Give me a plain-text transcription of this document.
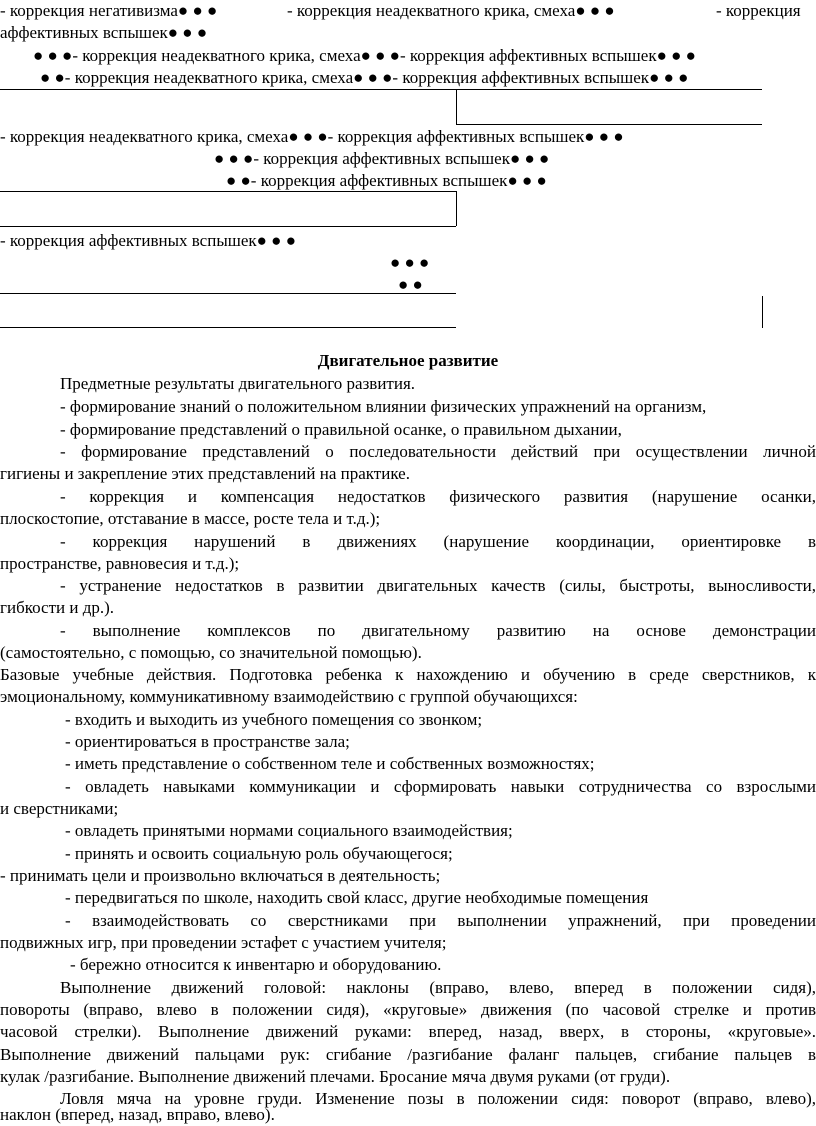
- коррекция негативизма● ● ●	- коррекция неадекватного крика, смеха● ● ●	- коррекция
аффективных вспышек● ● ●
● ● ●- коррекция неадекватного крика, смеха● ● ●- коррекция аффективных вспышек● ● ●
● ●- коррекция неадекватного крика, смеха● ● ●- коррекция аффективных вспышек● ● ●
- коррекция неадекватного крика, смеха● ● ●- коррекция аффективных вспышек● ● ●
● ● ●- коррекция аффективных вспышек● ● ●
● ●- коррекция аффективных вспышек● ● ●
- коррекция аффективных вспышек● ● ●
● ● ●
● ●
Двигательное развитие
Предметные результаты двигательного развития.
- формирование знаний о положительном влиянии физических упражнений на организм,
- формирование представлений о правильной осанке, о правильном дыхании,
- формирование представлений о последовательности действий при осуществлении личной
гигиены и закрепление этих представлений на практике.
- коррекция и компенсация недостатков физического развития (нарушение осанки,
плоскостопие, отставание в массе, росте тела и т.д.);
- коррекция нарушений в движениях (нарушение координации, ориентировке в
пространстве, равновесия и т.д.);
- устранение недостатков в развитии двигательных качеств (силы, быстроты, выносливости,
гибкости и др.).
- выполнение комплексов по двигательному развитию на основе демонстрации
(самостоятельно, с помощью, со значительной помощью).
Базовые учебные действия. Подготовка ребенка к нахождению и обучению в среде сверстников, к
эмоциональному, коммуникативному взаимодействию с группой обучающихся:
- входить и выходить из учебного помещения со звонком;
- ориентироваться в пространстве зала;
- иметь представление о собственном теле и собственных возможностях;
- овладеть навыками коммуникации и сформировать навыки сотрудничества со взрослыми
и сверстниками;
- овладеть принятыми нормами социального взаимодействия;
- принять и освоить социальную роль обучающегося;
- принимать цели и произвольно включаться в деятельность;
- передвигаться по школе, находить свой класс, другие необходимые помещения
- взаимодействовать со сверстниками при выполнении упражнений, при проведении
подвижных игр, при проведении эстафет с участием учителя;
- бережно относится к инвентарю и оборудованию.
Выполнение движений головой: наклоны (вправо, влево, вперед в положении сидя),
повороты (вправо, влево в положении сидя), «круговые» движения (по часовой стрелке и против
часовой стрелки). Выполнение движений руками: вперед, назад, вверх, в стороны, «круговые».
Выполнение движений пальцами рук: сгибание /разгибание фаланг пальцев, сгибание пальцев в
кулак /разгибание. Выполнение движений плечами. Бросание мяча двумя руками (от груди).
Ловля мяча на уровне груди. Изменение позы в положении сидя: поворот (вправо, влево),
наклон (вперед, назад, вправо, влево).
